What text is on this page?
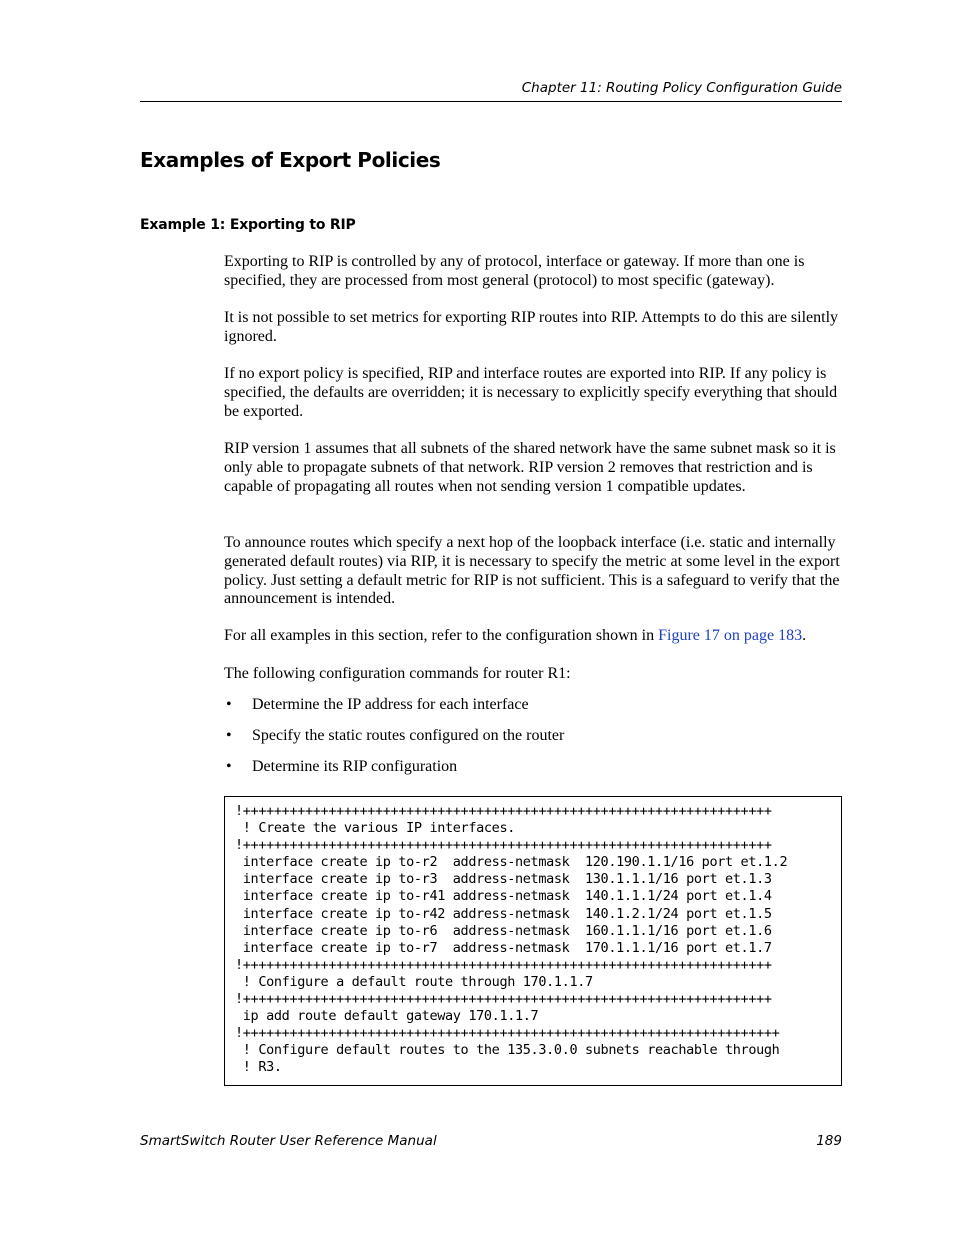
Chapter 11: Routing Policy Configuration Guide
Examples of Export Policies
Example 1: Exporting to RIP

Exporting to RIP is controlled by any of protocol, interface or gateway. If more than one is specified, they are processed from most general (protocol) to most specific (gateway).

It is not possible to set metrics for exporting RIP routes into RIP. Attempts to do this are silently ignored.

If no export policy is specified, RIP and interface routes are exported into RIP. If any policy is specified, the defaults are overridden; it is necessary to explicitly specify everything that should be exported.

RIP version 1 assumes that all subnets of the shared network have the same subnet mask so it is only able to propagate subnets of that network. RIP version 2 removes that restriction and is capable of propagating all routes when not sending version 1 compatible updates.

To announce routes which specify a next hop of the loopback interface (i.e. static and internally generated default routes) via RIP, it is necessary to specify the metric at some level in the export policy. Just setting a default metric for RIP is not sufficient. This is a safeguard to verify that the announcement is intended.

For all examples in this section, refer to the configuration shown in Figure 17 on page 183.

The following configuration commands for router R1:

• Determine the IP address for each interface
• Specify the static routes configured on the router
• Determine its RIP configuration
!++++++++++++++++++++++++++++++++++++++++++++++++++++++++++++++++++++
! Create the various IP interfaces.
!++++++++++++++++++++++++++++++++++++++++++++++++++++++++++++++++++++
interface create ip to-r2  address-netmask  120.190.1.1/16 port et.1.2
interface create ip to-r3  address-netmask  130.1.1.1/16 port et.1.3
interface create ip to-r41 address-netmask  140.1.1.1/24 port et.1.4
interface create ip to-r42 address-netmask  140.1.2.1/24 port et.1.5
interface create ip to-r6  address-netmask  160.1.1.1/16 port et.1.6
interface create ip to-r7  address-netmask  170.1.1.1/16 port et.1.7
!++++++++++++++++++++++++++++++++++++++++++++++++++++++++++++++++++++
! Configure a default route through 170.1.1.7
!++++++++++++++++++++++++++++++++++++++++++++++++++++++++++++++++++++
ip add route default gateway 170.1.1.7
!+++++++++++++++++++++++++++++++++++++++++++++++++++++++++++++++++++++
! Configure default routes to the 135.3.0.0 subnets reachable through
! R3.
SmartSwitch Router User Reference Manual	189
